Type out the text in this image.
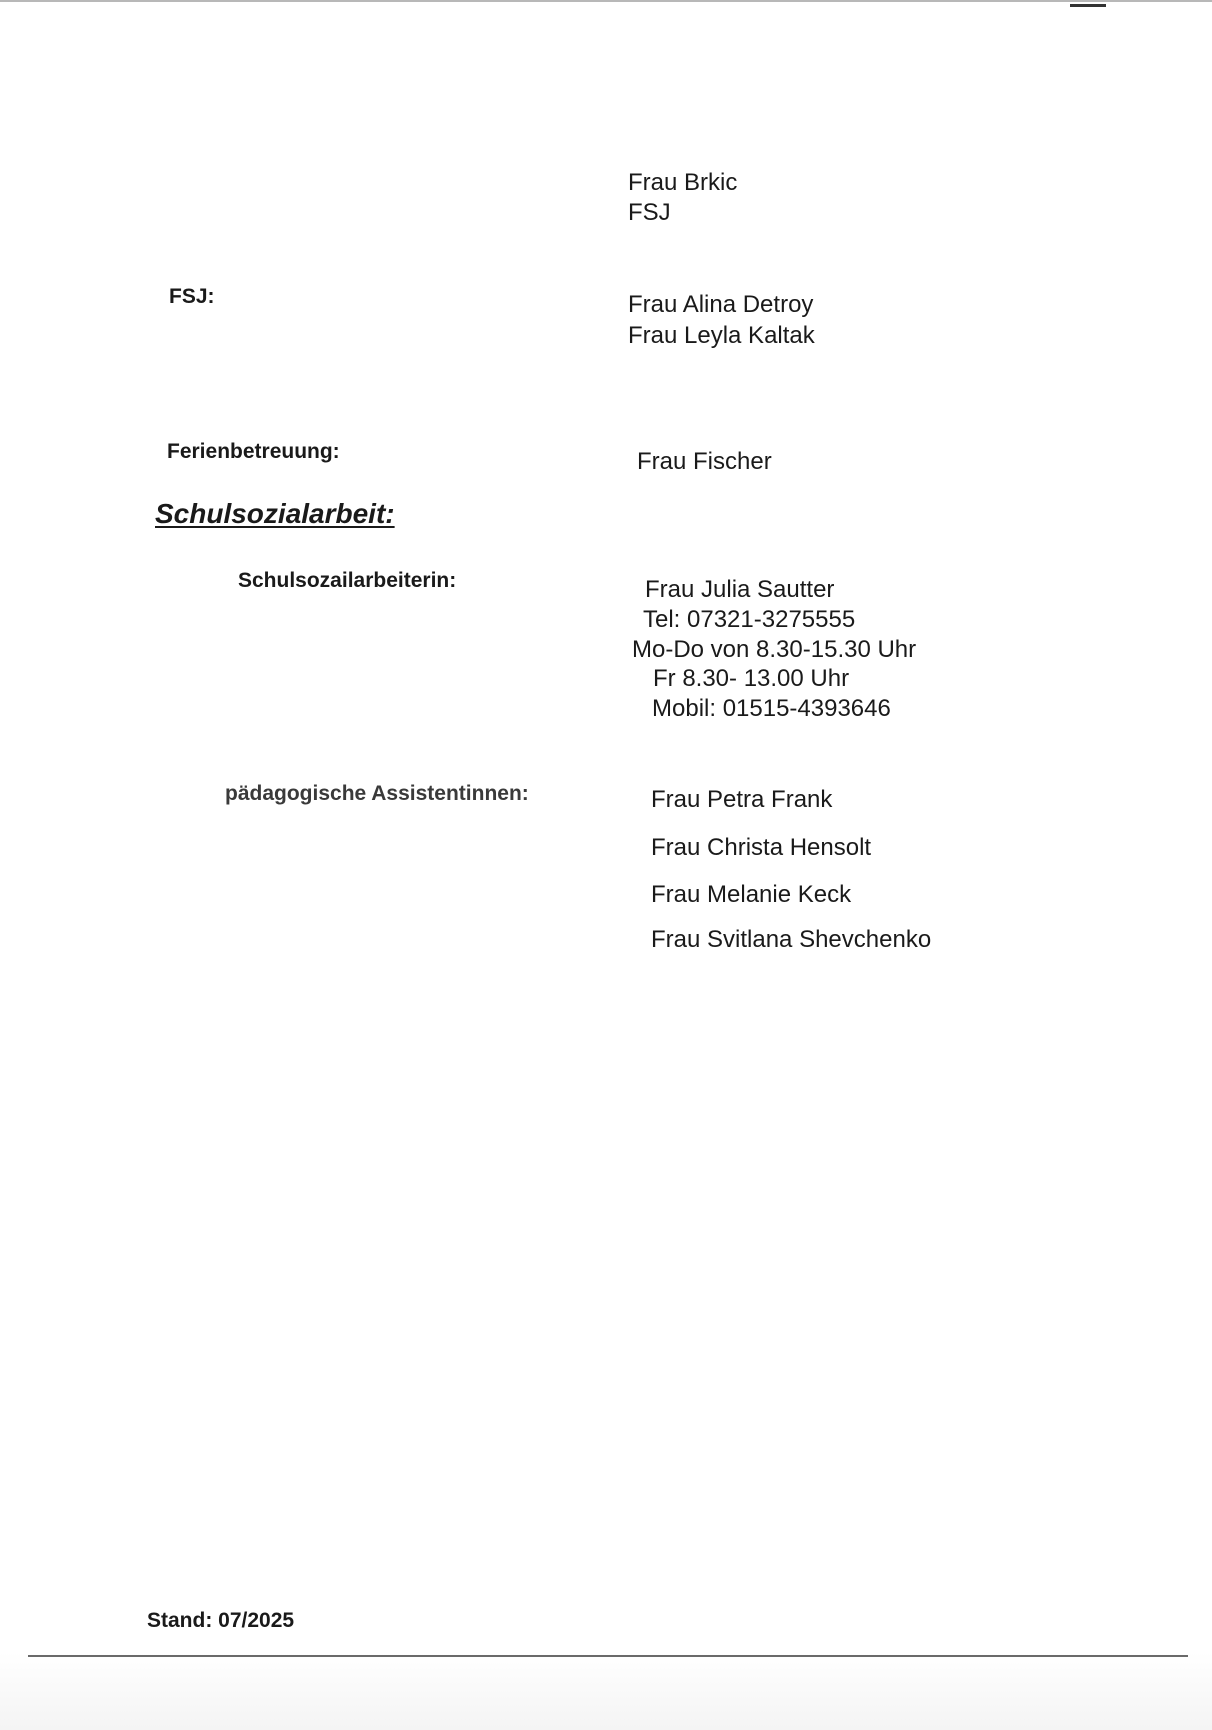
Frau Brkic
FSJ
FSJ:	Frau Alina Detroy
Frau Leyla Kaltak
Ferienbetreuung:	Frau Fischer
Schulsozialarbeit:
Schulsozailarbeiterin:	Frau Julia Sautter
Tel: 07321-3275555
Mo-Do von 8.30-15.30 Uhr
Fr 8.30- 13.00 Uhr
Mobil: 01515-4393646
pädagogische Assistentinnen:	Frau Petra Frank
Frau Christa Hensolt
Frau Melanie Keck
Frau Svitlana Shevchenko
Stand: 07/2025
